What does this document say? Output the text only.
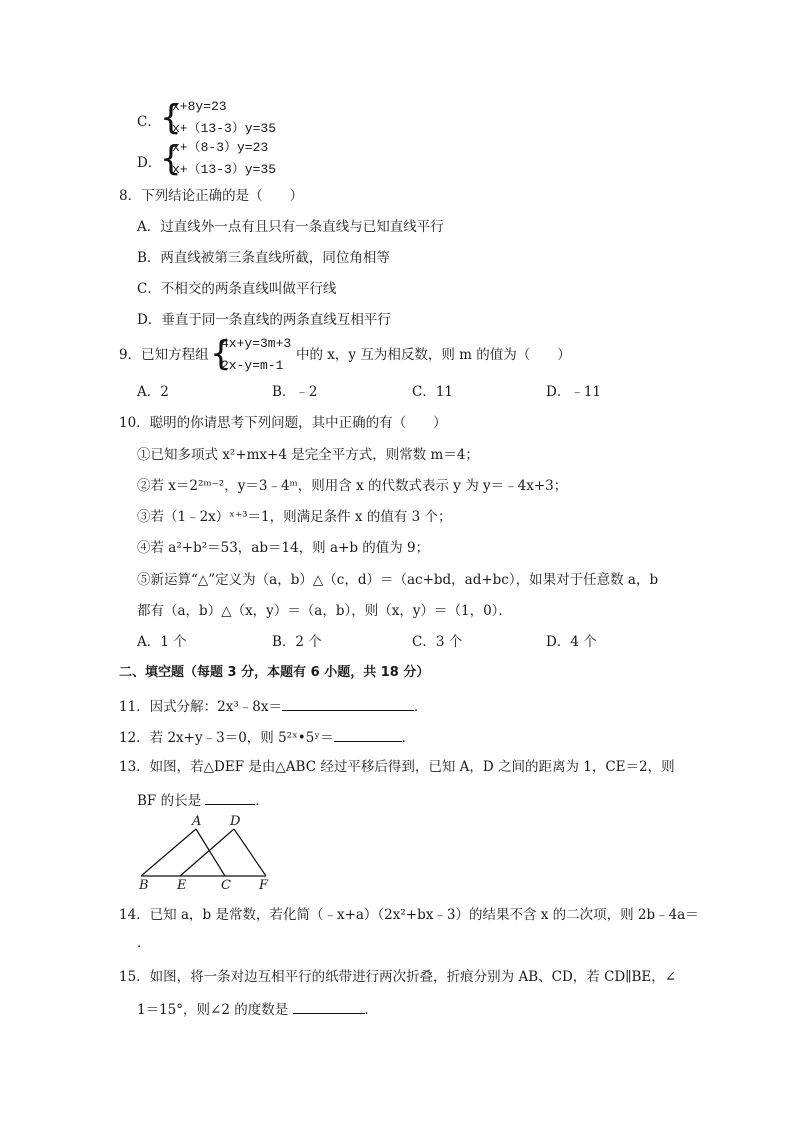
C． {
x+8y=23
x+（13-3）y=35
D．
{
x+（8-3）y=23
x+（13-3）y=35
8．下列结论正确的是（　　）
A．过直线外一点有且只有一条直线与已知直线平行
B．两直线被第三条直线所截，同位角相等
C．不相交的两条直线叫做平行线
D．垂直于同一条直线的两条直线互相平行
9．已知方程组 {
4x+y=3m+3
2x-y=m-1
中的 x，y 互为相反数，则 m 的值为（　　）
A．2	B．﹣2	C．11	D．﹣11
10．聪明的你请思考下列问题，其中正确的有（　　）
①已知多项式 x²+mx+4 是完全平方式，则常数 m＝4；
②若 x＝2²ᵐ⁻²，y＝3﹣4ᵐ，则用含 x 的代数式表示 y 为 y＝﹣4x+3；
③若（1﹣2x）ˣ⁺³＝1，则满足条件 x 的值有 3 个；
④若 a²+b²＝53，ab＝14，则 a+b 的值为 9；
⑤新运算“△”定义为（a，b）△（c，d）＝（ac+bd，ad+bc），如果对于任意数 a，b
都有（a，b）△（x，y）＝（a，b），则（x，y）＝（1，0）．
A．1 个	B．2 个	C．3 个	D．4 个
二、填空题（每题 3 分，本题有 6 小题，共 18 分）
11．因式分解：2x³﹣8x＝	．
12．若 2x+y﹣3＝0，则 5²ˣ•5ʸ＝	．
13．如图，若△DEF 是由△ABC 经过平移后得到，已知 A，D 之间的距离为 1，CE＝2，则
BF 的长是	．
A D
B E	C F
14．已知 a，b 是常数，若化简（﹣x+a）（2x²+bx﹣3）的结果不含 x 的二次项，则 2b﹣4a＝
．
15．如图，将一条对边互相平行的纸带进行两次折叠，折痕分别为 AB、CD，若 CD∥BE，∠
1＝15°，则∠2 的度数是	．
